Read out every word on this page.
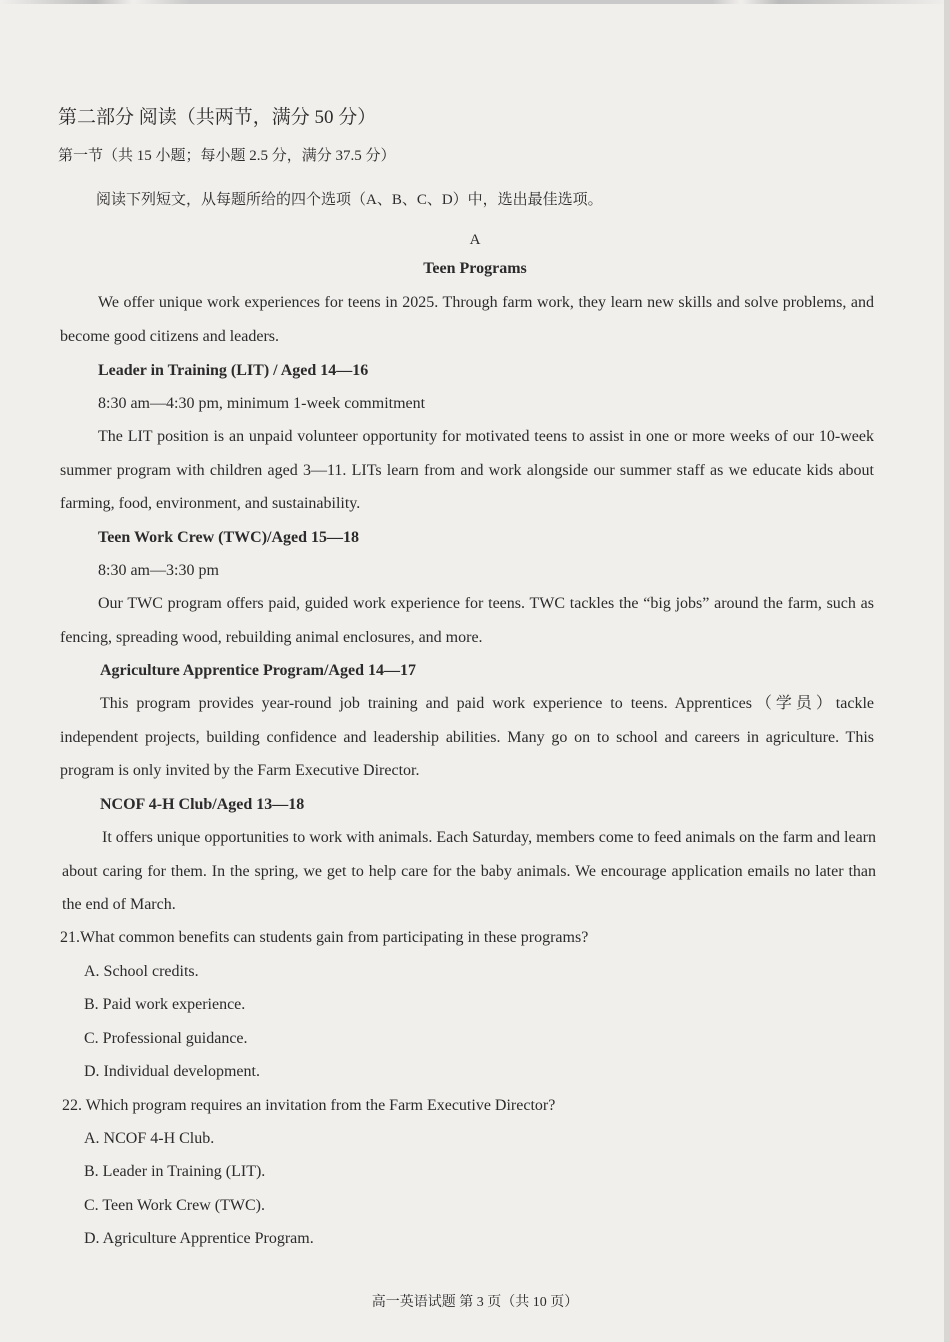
第二部分 阅读（共两节，满分 50 分）
第一节（共 15 小题；每小题 2.5 分，满分 37.5 分）
阅读下列短文，从每题所给的四个选项（A、B、C、D）中，选出最佳选项。
A
Teen Programs
We offer unique work experiences for teens in 2025. Through farm work, they learn new skills and solve problems, and become good citizens and leaders.
Leader in Training (LIT) / Aged 14—16
8:30 am—4:30 pm, minimum 1-week commitment
The LIT position is an unpaid volunteer opportunity for motivated teens to assist in one or more weeks of our 10-week summer program with children aged 3—11. LITs learn from and work alongside our summer staff as we educate kids about farming, food, environment, and sustainability.
Teen Work Crew (TWC)/Aged 15—18
8:30 am—3:30 pm
Our TWC program offers paid, guided work experience for teens. TWC tackles the “big jobs” around the farm, such as fencing, spreading wood, rebuilding animal enclosures, and more.
Agriculture Apprentice Program/Aged 14—17
This program provides year-round job training and paid work experience to teens. Apprentices（学员）tackle independent projects, building confidence and leadership abilities. Many go on to school and careers in agriculture. This program is only invited by the Farm Executive Director.
NCOF 4-H Club/Aged 13—18
It offers unique opportunities to work with animals. Each Saturday, members come to feed animals on the farm and learn about caring for them. In the spring, we get to help care for the baby animals. We encourage application emails no later than the end of March.
21.What common benefits can students gain from participating in these programs?
A. School credits.
B. Paid work experience.
C. Professional guidance.
D. Individual development.
22. Which program requires an invitation from the Farm Executive Director?
A. NCOF 4-H Club.
B. Leader in Training (LIT).
C. Teen Work Crew (TWC).
D. Agriculture Apprentice Program.
高一英语试题 第 3 页（共 10 页）
